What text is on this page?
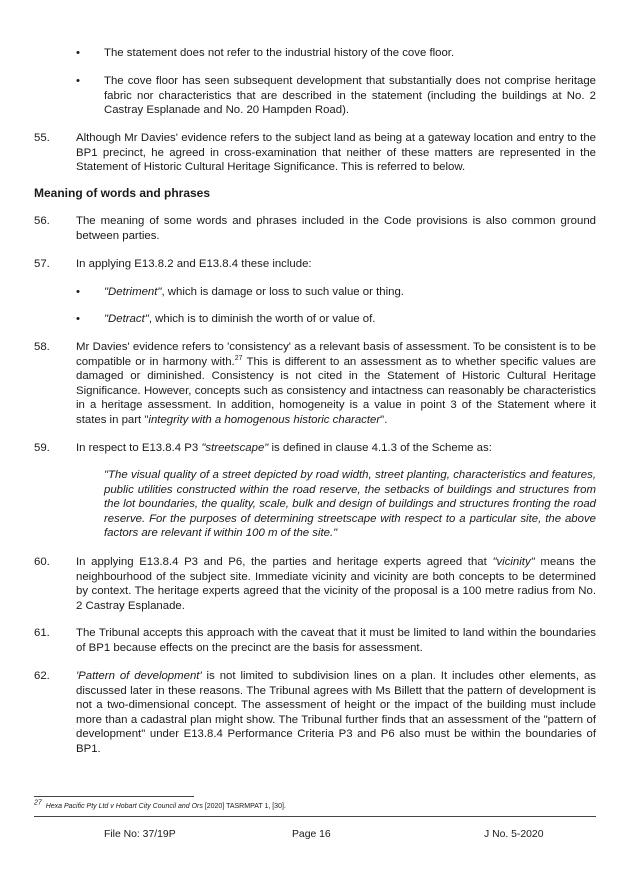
• The statement does not refer to the industrial history of the cove floor.

• The cove floor has seen subsequent development that substantially does not comprise heritage fabric nor characteristics that are described in the statement (including the buildings at No. 2 Castray Esplanade and No. 20 Hampden Road).

55. Although Mr Davies' evidence refers to the subject land as being at a gateway location and entry to the BP1 precinct, he agreed in cross-examination that neither of these matters are represented in the Statement of Historic Cultural Heritage Significance. This is referred to below.

Meaning of words and phrases
56. The meaning of some words and phrases included in the Code provisions is also common ground between parties.

57. In applying E13.8.2 and E13.8.4 these include:

• "Detriment", which is damage or loss to such value or thing.

• "Detract", which is to diminish the worth of or value of.

58. Mr Davies' evidence refers to 'consistency' as a relevant basis of assessment. To be consistent is to be compatible or in harmony with.$^{27}$ This is different to an assessment as to whether specific values are damaged or diminished. Consistency is not cited in the Statement of Historic Cultural Heritage Significance. However, concepts such as consistency and intactness can reasonably be characteristics in a heritage assessment. In addition, homogeneity is a value in point 3 of the Statement where it states in part "integrity with a homogenous historic character".

59. In respect to E13.8.4 P3 "streetscape" is defined in clause 4.1.3 of the Scheme as:

"The visual quality of a street depicted by road width, street planting, characteristics and features, public utilities constructed within the road reserve, the setbacks of buildings and structures from the lot boundaries, the quality, scale, bulk and design of buildings and structures fronting the road reserve. For the purposes of determining streetscape with respect to a particular site, the above factors are relevant if within 100 m of the site."

60. In applying E13.8.4 P3 and P6, the parties and heritage experts agreed that "vicinity" means the neighbourhood of the subject site. Immediate vicinity and vicinity are both concepts to be determined by context. The heritage experts agreed that the vicinity of the proposal is a 100 metre radius from No. 2 Castray Esplanade.

61. The Tribunal accepts this approach with the caveat that it must be limited to land within the boundaries of BP1 because effects on the precinct are the basis for assessment.

62. 'Pattern of development' is not limited to subdivision lines on a plan. It includes other elements, as discussed later in these reasons. The Tribunal agrees with Ms Billett that the pattern of development is not a two-dimensional concept. The assessment of height or the impact of the building must include more than a cadastral plan might show. The Tribunal further finds that an assessment of the "pattern of development" under E13.8.4 Performance Criteria P3 and P6 also must be within the boundaries of BP1.

$^{27}$ Hexa Pacific Pty Ltd v Hobart City Council and Ors [2020] TASRMPAT 1, [30].
File No: 37/19P	Page 16	J No. 5-2020
